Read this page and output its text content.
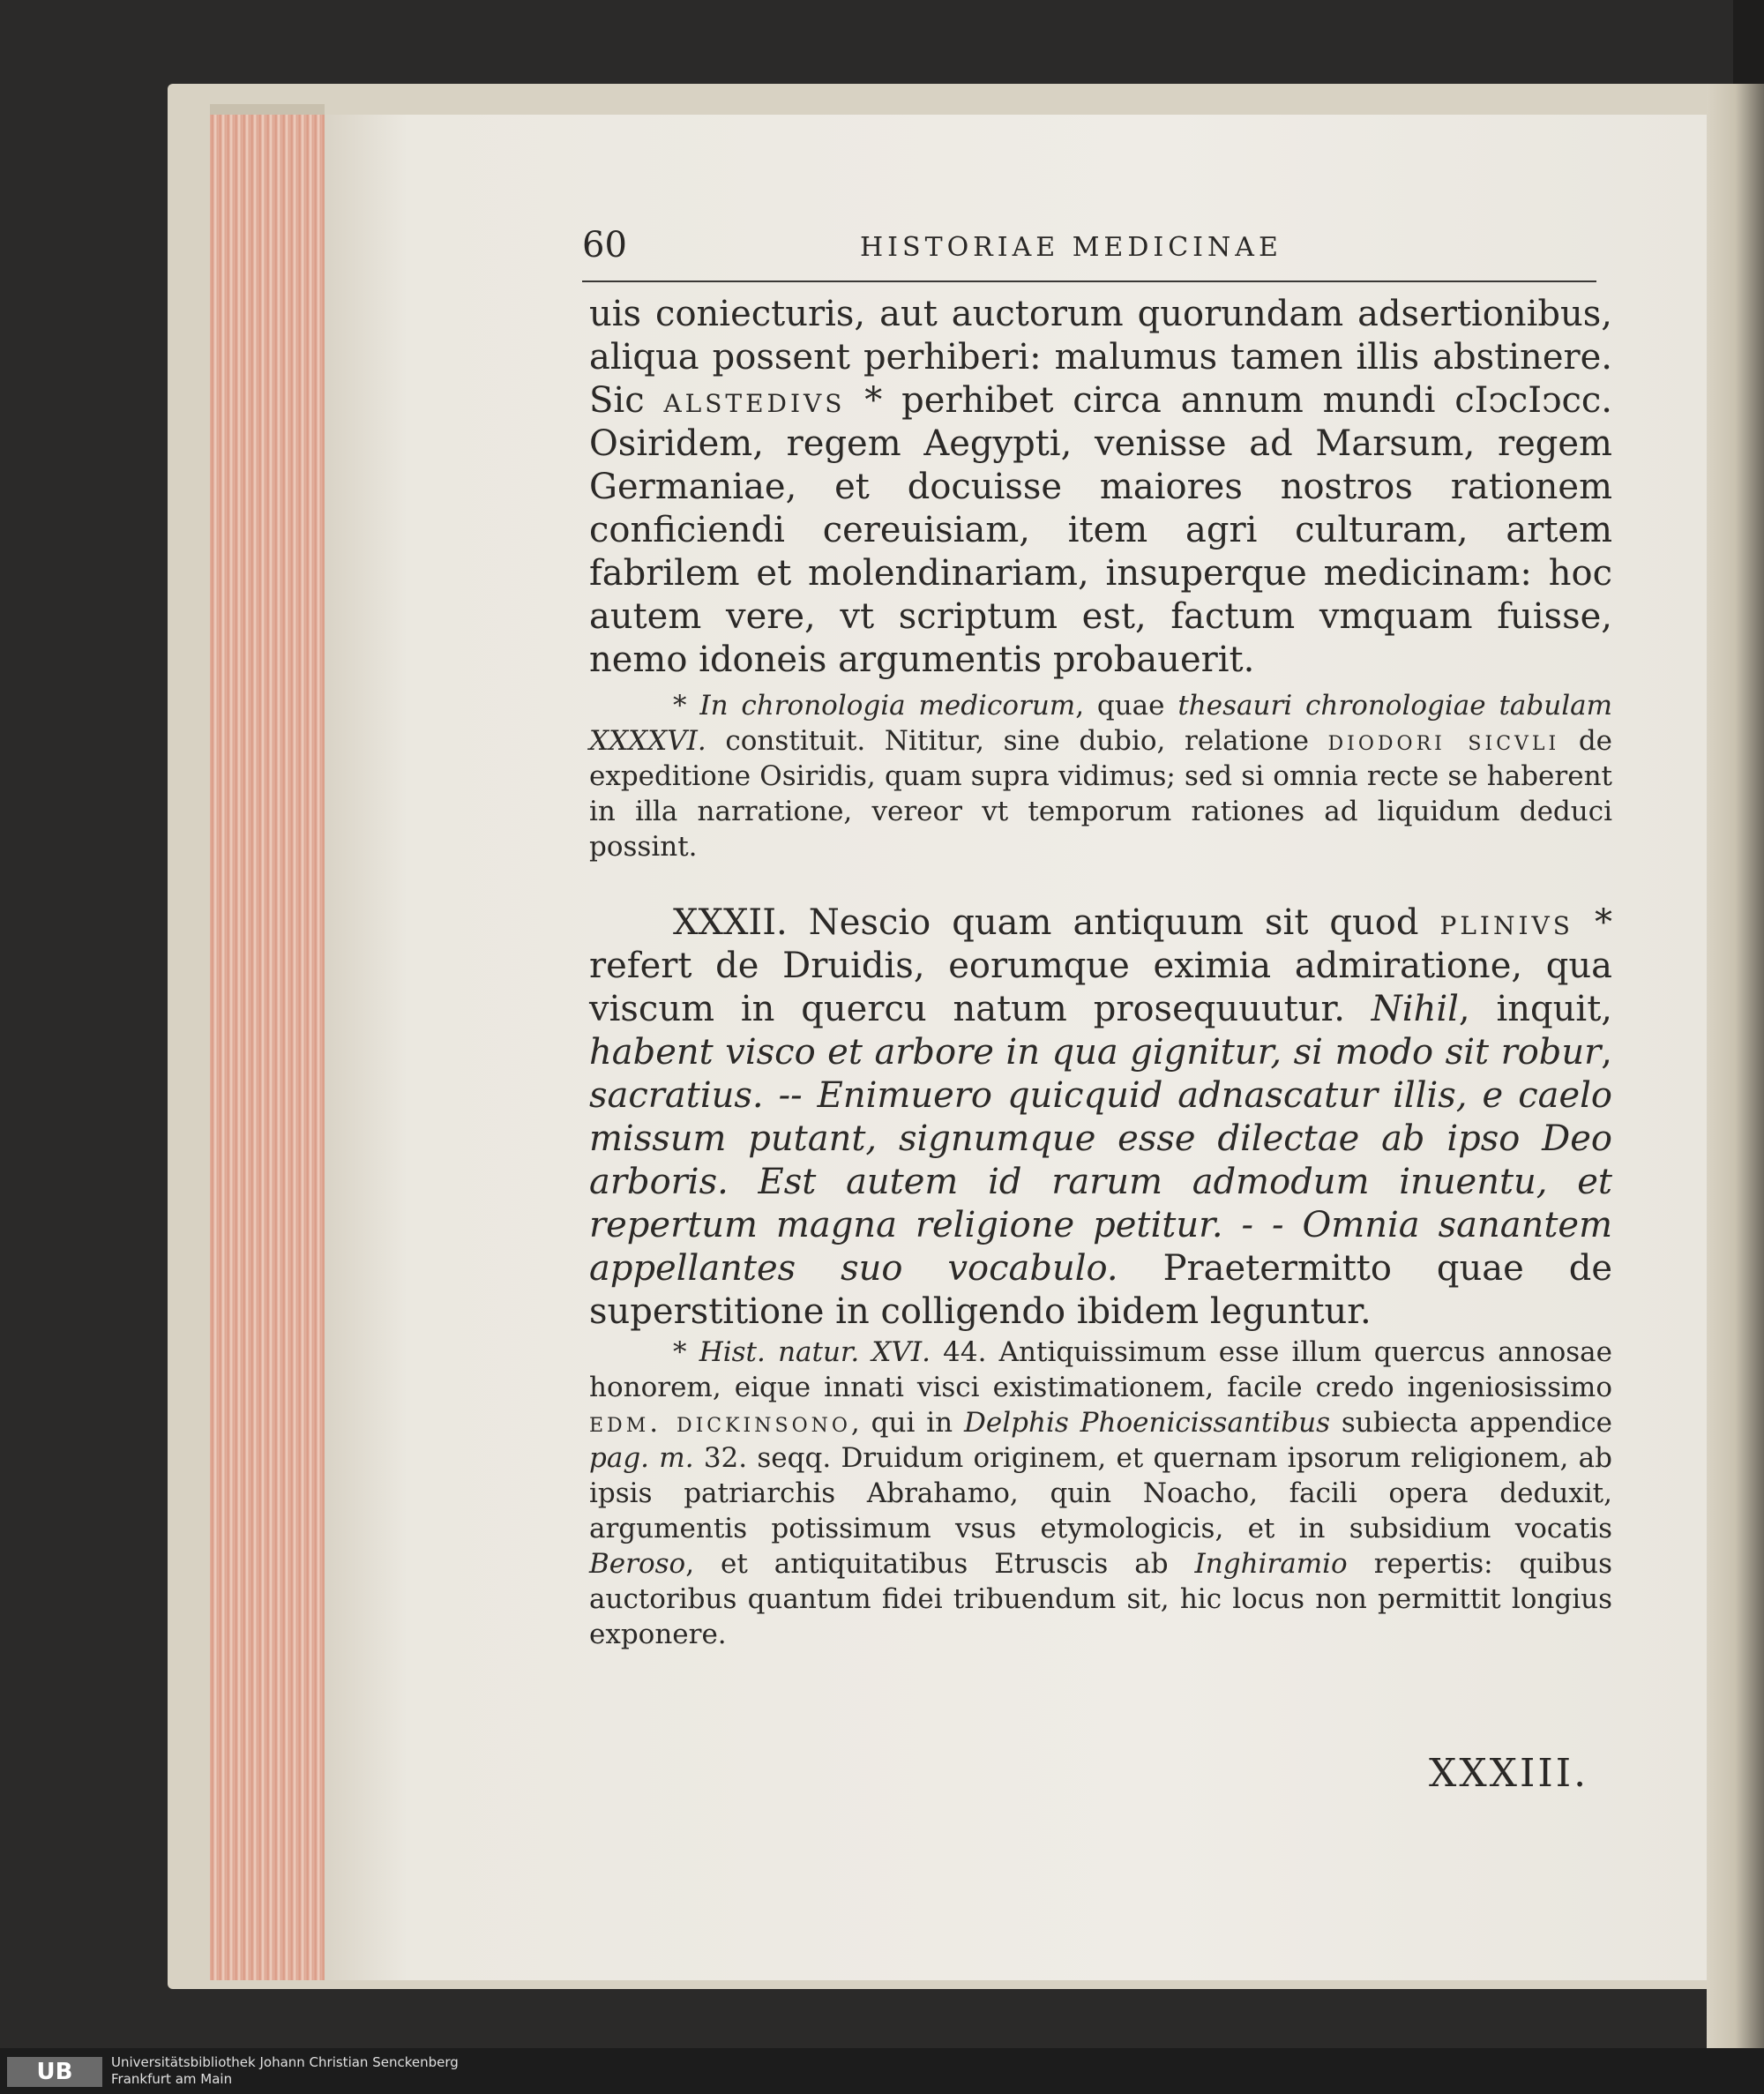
60	HISTORIAE MEDICINAE

uis coniecturis, aut auctorum quorundam adsertionibus, aliqua possent perhiberi: malumus tamen illis abstinere. Sic alstedivs * perhibet circa annum mundi cIↄcIↄcc. Osiridem, regem Aegypti, venisse ad Marsum, regem Germaniae, et docuisse maiores nostros rationem conficiendi cereuisiam, item agri culturam, artem fabrilem et molendinariam, insuperque medicinam: hoc autem vere, vt scriptum est, factum vmquam fuisse, nemo idoneis argumentis probauerit.

* In chronologia medicorum, quae thesauri chronologiae tabulam XXXXVI. constituit. Nititur, sine dubio, relatione diodori sicvli de expeditione Osiridis, quam supra vidimus; sed si omnia recte se haberent in illa narratione, vereor vt temporum rationes ad liquidum deduci possint.

XXXII. Nescio quam antiquum sit quod plinivs * refert de Druidis, eorumque eximia admiratione, qua viscum in quercu natum prosequuutur. Nihil, inquit, habent visco et arbore in qua gignitur, si modo sit robur, sacratius. -- Enimuero quicquid adnascatur illis, e caelo missum putant, signumque esse dilectae ab ipso Deo arboris. Est autem id rarum admodum inuentu, et repertum magna religione petitur. - - Omnia sanantem appellantes suo vocabulo. Praetermitto quae de superstitione in colligendo ibidem leguntur.

* Hist. natur. XVI. 44. Antiquissimum esse illum quercus annosae honorem, eique innati visci existimationem, facile credo ingeniosissimo edm. dickinsono, qui in Delphis Phoenicissantibus subiecta appendice pag. m. 32. seqq. Druidum originem, et quernam ipsorum religionem, ab ipsis patriarchis Abrahamo, quin Noacho, facili opera deduxit, argumentis potissimum vsus etymologicis, et in subsidium vocatis Beroso, et antiquitatibus Etruscis ab Inghiramio repertis: quibus auctoribus quantum fidei tribuendum sit, hic locus non permittit longius exponere.

XXXIII.
UB	Universitätsbibliothek Johann Christian Senckenberg
Frankfurt am Main
